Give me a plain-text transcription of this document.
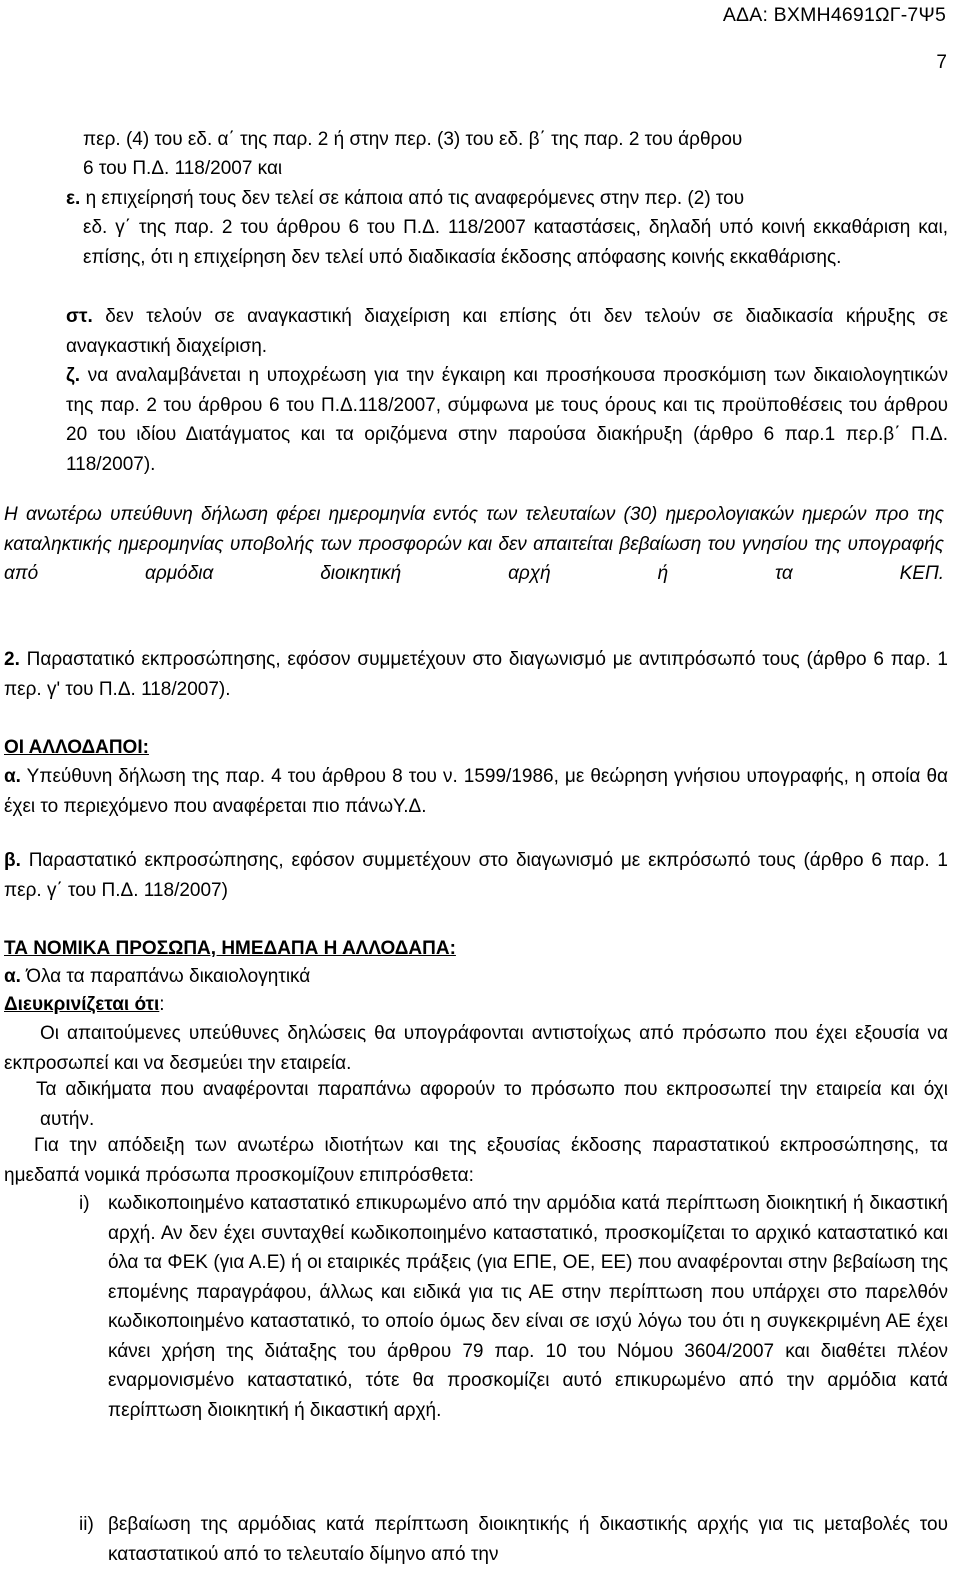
ΑΔΑ: ΒΧΜΗ4691ΩΓ-7Ψ5
7

περ. (4) του εδ. α΄ της παρ. 2 ή στην περ. (3) του εδ. β΄ της παρ. 2 του άρθρου

6 του Π.Δ. 118/2007 και

ε. η επιχείρησή τους δεν τελεί σε κάποια από τις αναφερόμενες στην περ. (2) του

εδ. γ΄ της παρ. 2 του άρθρου 6 του Π.Δ. 118/2007 καταστάσεις, δηλαδή υπό κοινή εκκαθάριση και, επίσης, ότι η επιχείρηση δεν τελεί υπό διαδικασία έκδοσης απόφασης κοινής εκκαθάρισης.

στ. δεν τελούν σε αναγκαστική διαχείριση και επίσης ότι δεν τελούν σε διαδικασία κήρυξης σε αναγκαστική διαχείριση.

ζ. να αναλαμβάνεται η υποχρέωση για την έγκαιρη και προσήκουσα προσκόμιση των δικαιολογητικών της παρ. 2 του άρθρου 6 του Π.Δ.118/2007, σύμφωνα με τους όρους και τις προϋποθέσεις του άρθρου 20 του ιδίου Διατάγματος και τα οριζόμενα στην παρούσα διακήρυξη (άρθρο 6 παρ.1 περ.β΄ Π.Δ. 118/2007).

Η ανωτέρω υπεύθυνη δήλωση φέρει ημερομηνία εντός των τελευταίων (30) ημερολογιακών ημερών προ της καταληκτικής ημερομηνίας υποβολής των προσφορών και δεν απαιτείται βεβαίωση του γνησίου της υπογραφής από αρμόδια διοικητική αρχή ή τα ΚΕΠ.

2. Παραστατικό εκπροσώπησης, εφόσον συμμετέχουν στο διαγωνισμό με αντιπρόσωπό τους (άρθρο 6 παρ. 1 περ. γ' του Π.Δ. 118/2007).

ΟΙ ΑΛΛΟΔΑΠΟΙ:

α. Υπεύθυνη δήλωση της παρ. 4 του άρθρου 8 του ν. 1599/1986, με θεώρηση γνήσιου υπογραφής, η οποία θα έχει το περιεχόμενο που αναφέρεται πιο πάνωΥ.Δ.

β. Παραστατικό εκπροσώπησης, εφόσον συμμετέχουν στο διαγωνισμό με εκπρόσωπό τους (άρθρο 6 παρ. 1 περ. γ΄ του Π.Δ. 118/2007)

ΤΑ ΝΟΜΙΚΑ ΠΡΟΣΩΠΑ, ΗΜΕΔΑΠΑ Η ΑΛΛΟΔΑΠΑ:

α. Όλα τα παραπάνω δικαιολογητικά

Διευκρινίζεται ότι:

Οι απαιτούμενες υπεύθυνες δηλώσεις θα υπογράφονται αντιστοίχως από πρόσωπο που έχει εξουσία να εκπροσωπεί και να δεσμεύει την εταιρεία.

Τα αδικήματα που αναφέρονται παραπάνω αφορούν το πρόσωπο που εκπροσωπεί την εταιρεία και όχι αυτήν.

Για την απόδειξη των ανωτέρω ιδιοτήτων και της εξουσίας έκδοσης παραστατικού εκπροσώπησης, τα ημεδαπά νομικά πρόσωπα προσκομίζουν επιπρόσθετα:

i) κωδικοποιημένο καταστατικό επικυρωμένο από την αρμόδια κατά περίπτωση διοικητική ή δικαστική αρχή. Αν δεν έχει συνταχθεί κωδικοποιημένο καταστατικό, προσκομίζεται το αρχικό καταστατικό και όλα τα ΦΕΚ (για Α.Ε) ή οι εταιρικές πράξεις (για ΕΠΕ, ΟΕ, ΕΕ) που αναφέρονται στην βεβαίωση της επομένης παραγράφου, άλλως και ειδικά για τις ΑΕ στην περίπτωση που υπάρχει στο παρελθόν κωδικοποιημένο καταστατικό, το οποίο όμως δεν είναι σε ισχύ λόγω του ότι η συγκεκριμένη ΑΕ έχει κάνει χρήση της διάταξης του άρθρου 79 παρ. 10 του Νόμου 3604/2007 και διαθέτει πλέον εναρμονισμένο καταστατικό, τότε θα προσκομίζει αυτό επικυρωμένο από την αρμόδια κατά περίπτωση διοικητική ή δικαστική αρχή.

ii) βεβαίωση της αρμόδιας κατά περίπτωση διοικητικής ή δικαστικής αρχής για τις μεταβολές του καταστατικού από το τελευταίο δίμηνο από την
